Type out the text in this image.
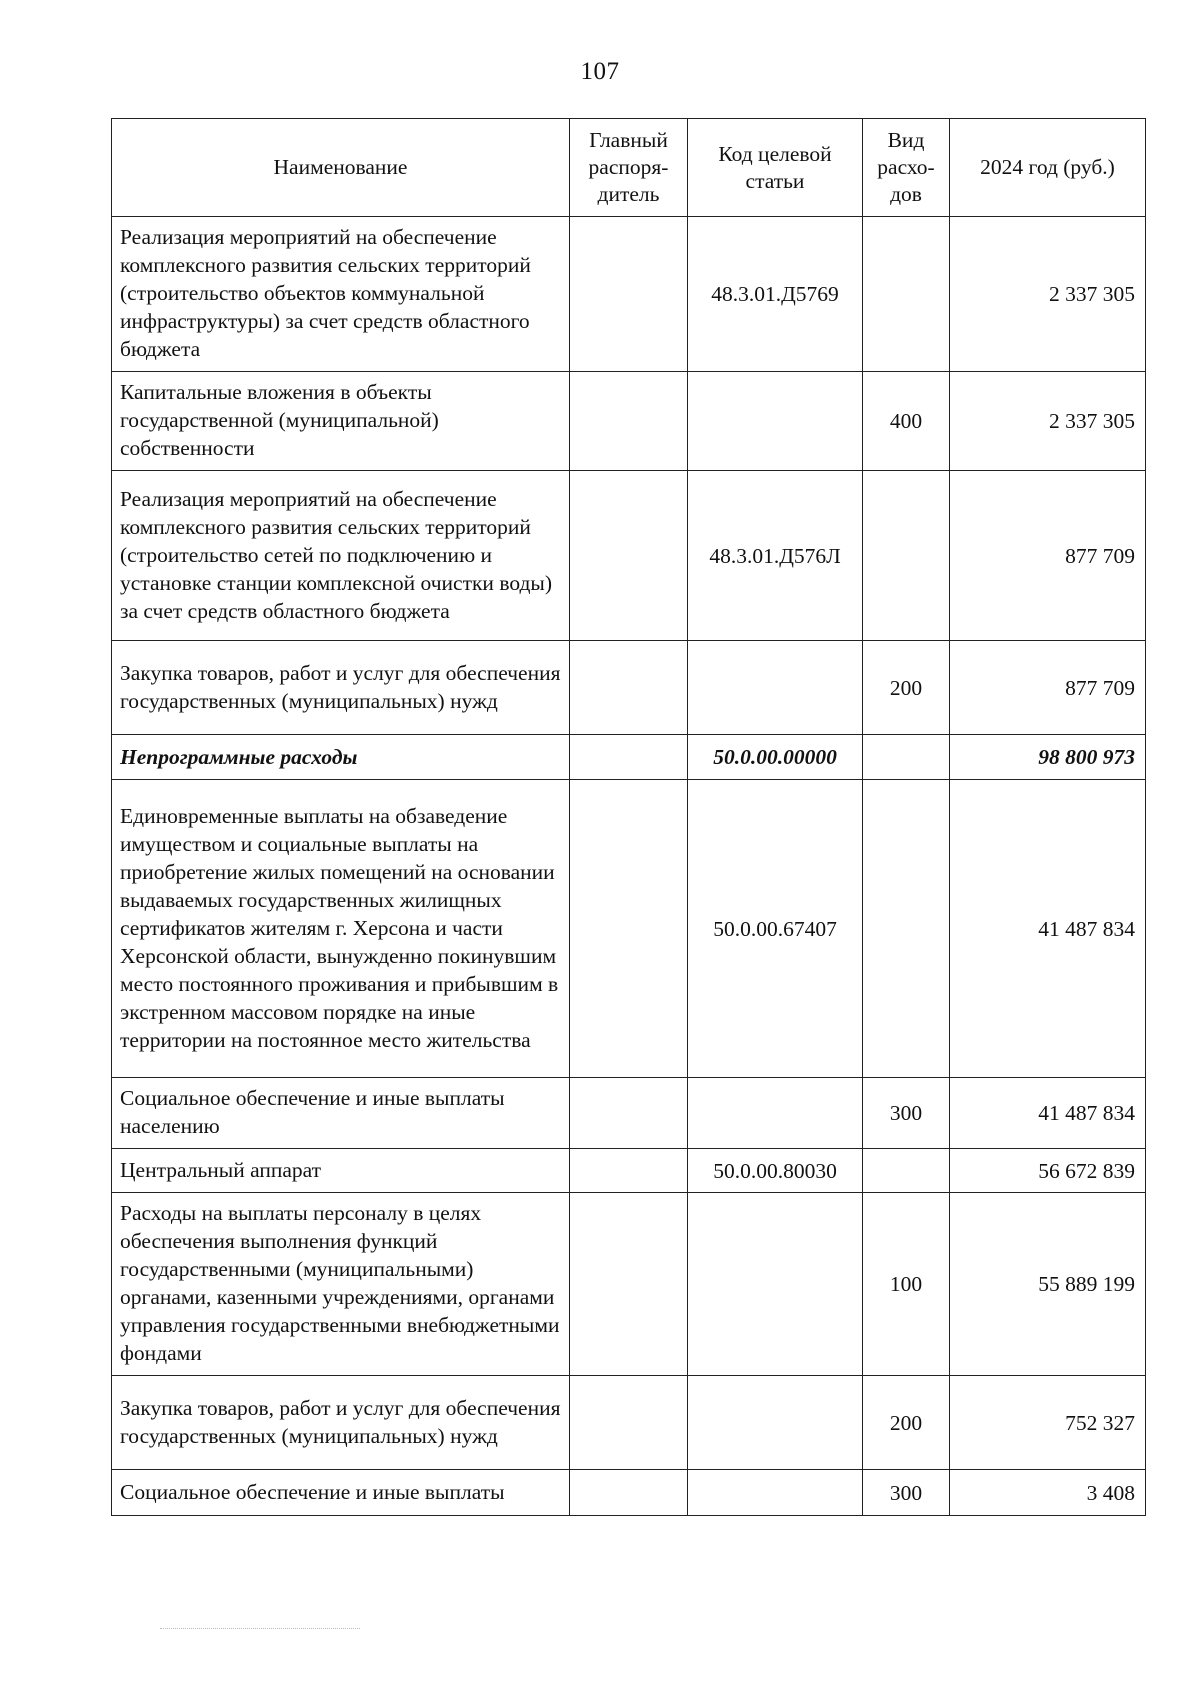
107
Наименование	Главный распоря-дитель	Код целевой статьи	Вид расхо-дов	2024 год (руб.)
Реализация мероприятий на обеспечение комплексного развития сельских территорий (строительство объектов коммунальной инфраструктуры) за счет средств областного бюджета		48.3.01.Д5769		2 337 305
Капитальные вложения в объекты государственной (муниципальной) собственности			400	2 337 305
Реализация мероприятий на обеспечение комплексного развития сельских территорий (строительство сетей по подключению и установке станции комплексной очистки воды) за счет средств областного бюджета		48.3.01.Д576Л		877 709
Закупка товаров, работ и услуг для обеспечения государственных (муниципальных) нужд			200	877 709
Непрограммные расходы		50.0.00.00000		98 800 973
Единовременные выплаты на обзаведение имуществом и социальные выплаты на приобретение жилых помещений на основании выдаваемых государственных жилищных сертификатов жителям г. Херсона и части Херсонской области, вынужденно покинувшим место постоянного проживания и прибывшим в экстренном массовом порядке на иные территории на постоянное место жительства		50.0.00.67407		41 487 834
Социальное обеспечение и иные выплаты населению			300	41 487 834
Центральный аппарат		50.0.00.80030		56 672 839
Расходы на выплаты персоналу в целях обеспечения выполнения функций государственными (муниципальными) органами, казенными учреждениями, органами управления государственными внебюджетными фондами			100	55 889 199
Закупка товаров, работ и услуг для обеспечения государственных (муниципальных) нужд			200	752 327
Социальное обеспечение и иные выплаты			300	3 408
